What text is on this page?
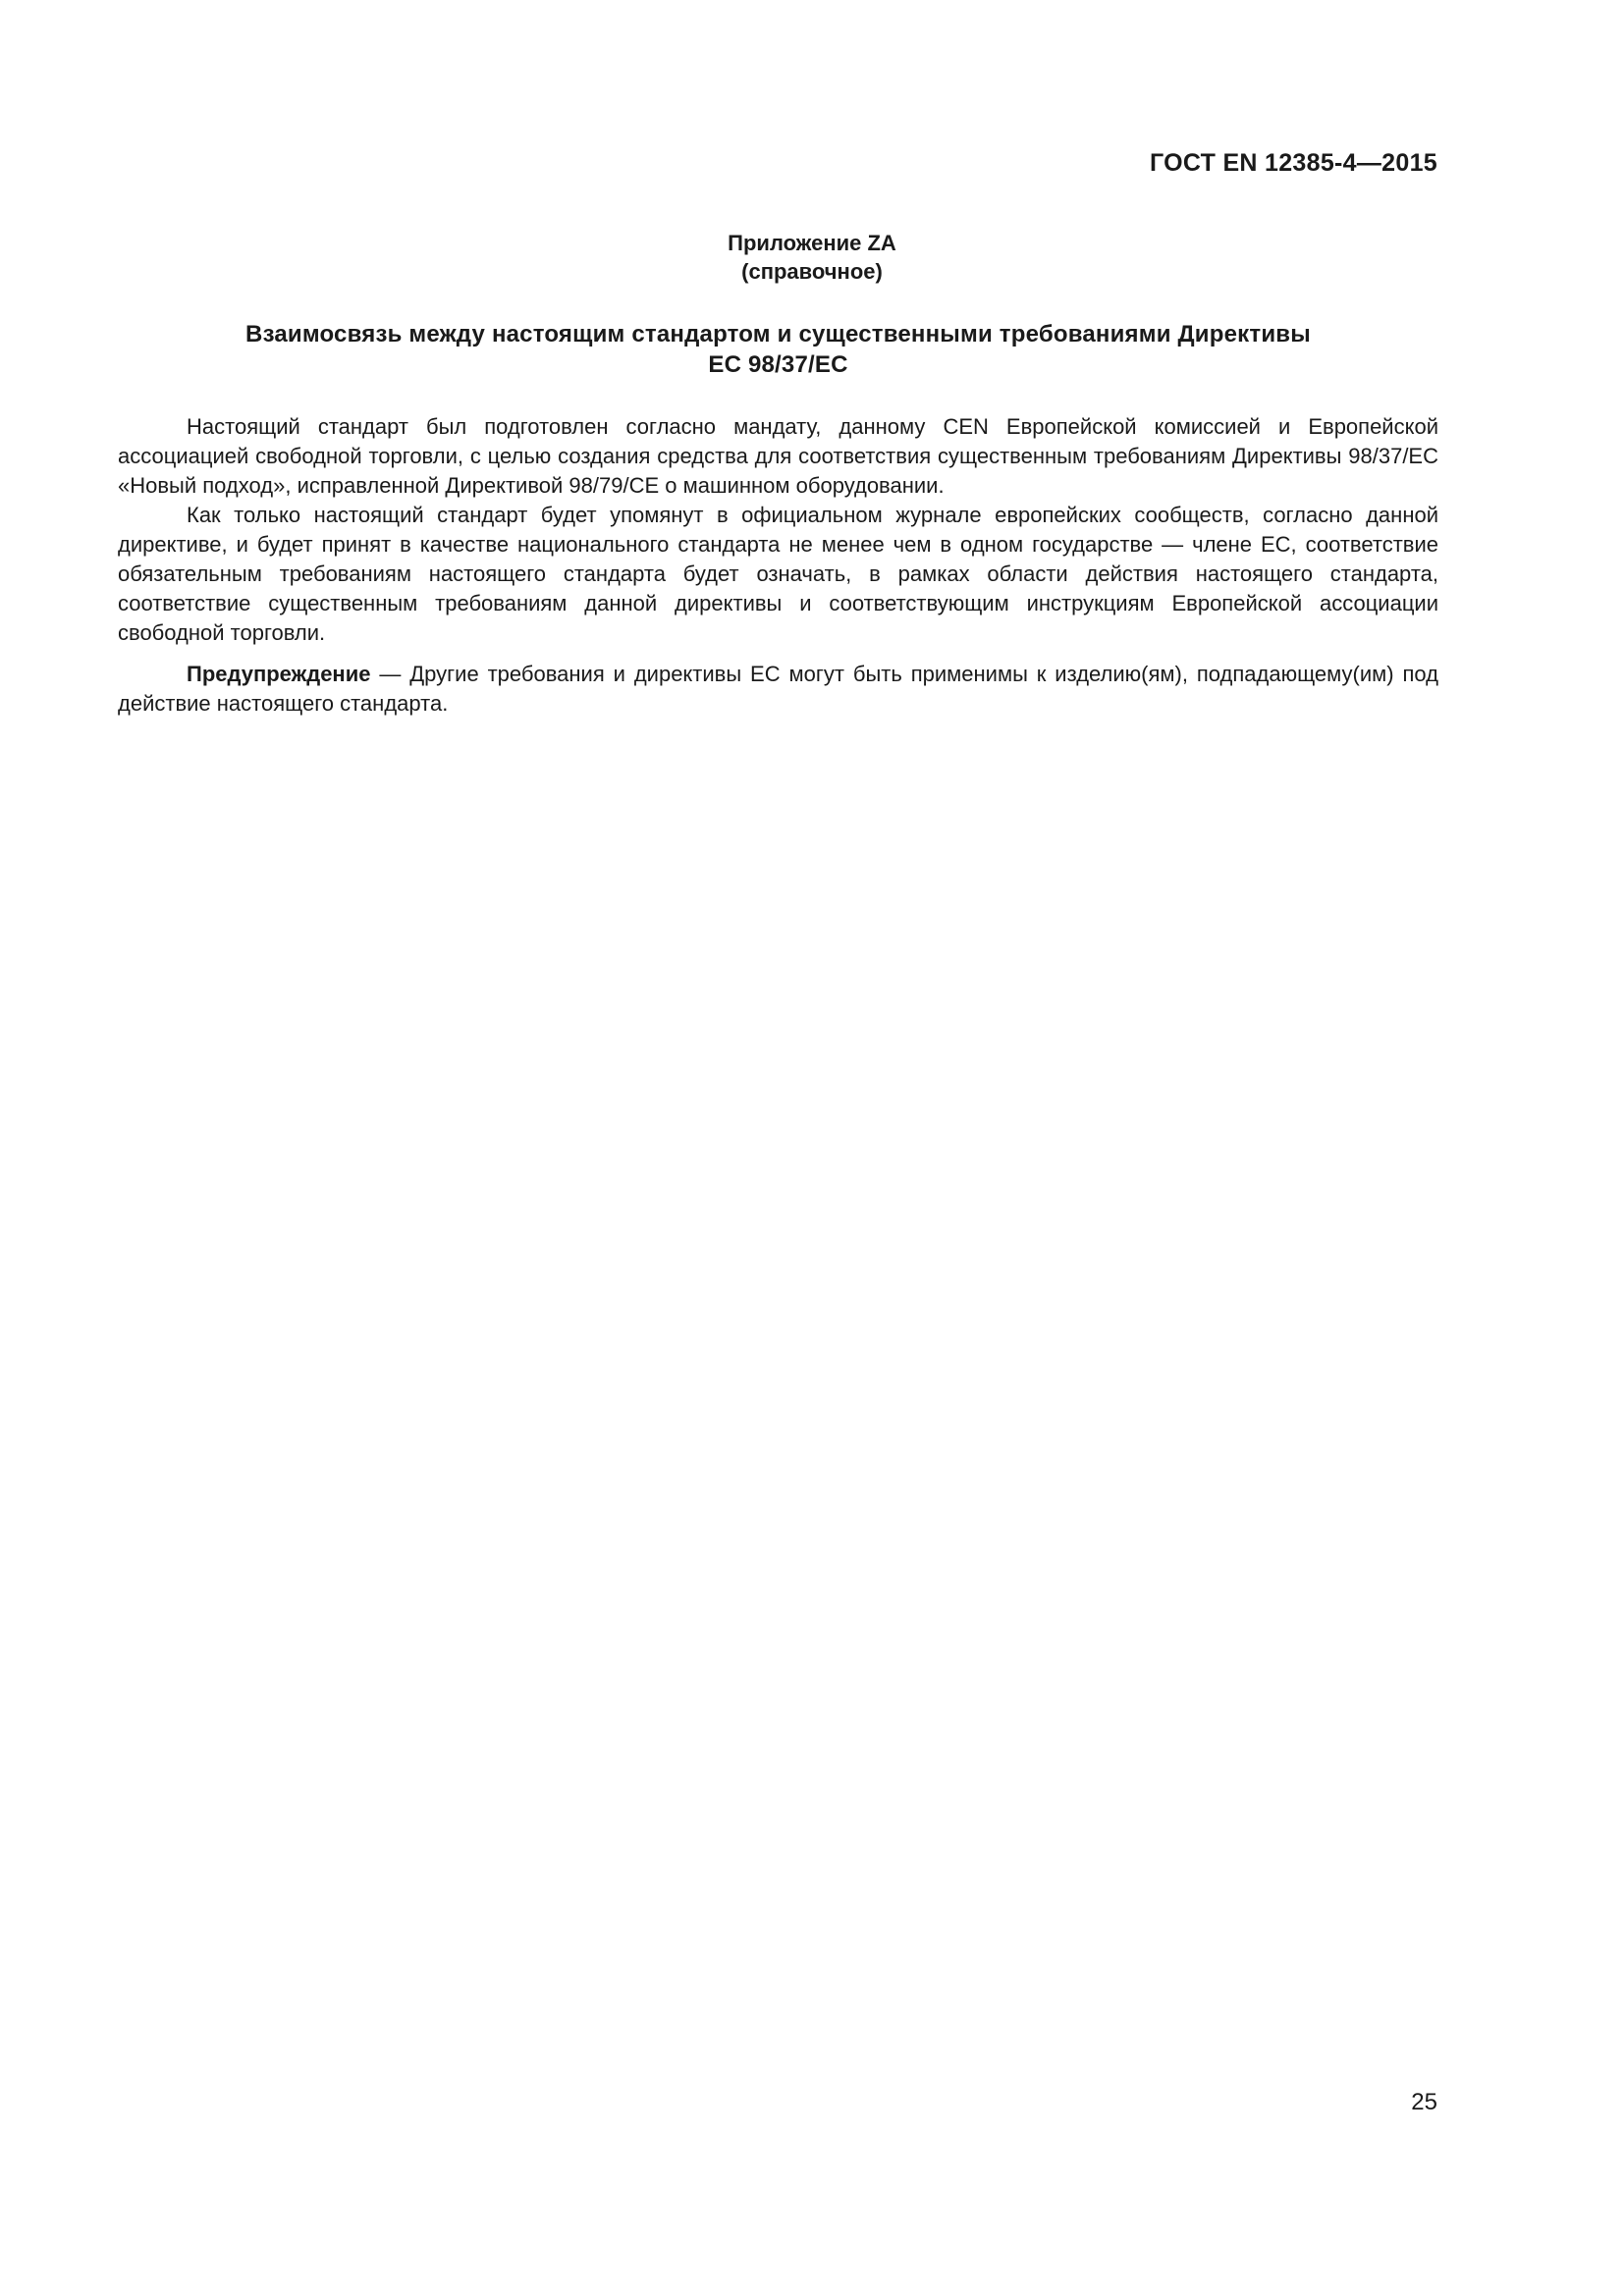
ГОСТ EN 12385-4—2015
Приложение ZA
(справочное)
Взаимосвязь между настоящим стандартом и существенными требованиями Директивы
ЕС 98/37/ЕС

Настоящий стандарт был подготовлен согласно мандату, данному CEN Европейской комиссией и Европейской ассоциацией свободной торговли, с целью создания средства для соответствия существенным требованиям Директивы 98/37/ЕС «Новый подход», исправленной Директивой 98/79/CE о машинном оборудовании.

Как только настоящий стандарт будет упомянут в официальном журнале европейских сообществ, согласно данной директиве, и будет принят в качестве национального стандарта не менее чем в одном государстве — члене ЕС, соответствие обязательным требованиям настоящего стандарта будет означать, в рамках области действия настоящего стандарта, соответствие существенным требованиям данной директивы и соответствующим инструкциям Европейской ассоциации свободной торговли.

Предупреждение — Другие требования и директивы ЕС могут быть применимы к изделию(ям), подпадающему(им) под действие настоящего стандарта.

25
